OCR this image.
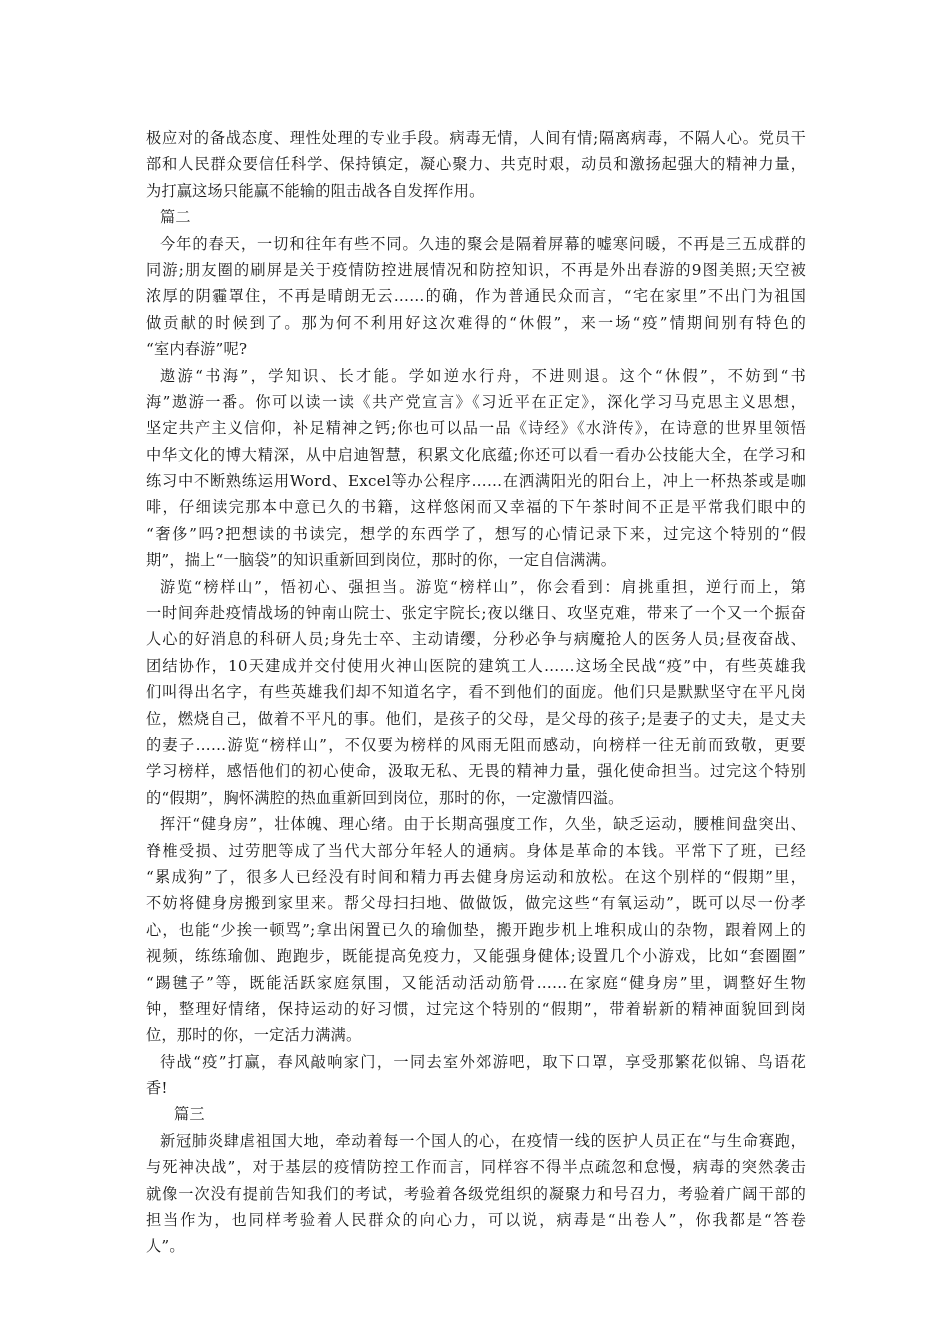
极应对的备战态度、理性处理的专业手段。病毒无情，人间有情;隔离病毒，不隔人心。党员干
部和人民群众要信任科学、保持镇定，凝心聚力、共克时艰，动员和激扬起强大的精神力量，
为打赢这场只能赢不能输的阻击战各自发挥作用。
篇二
今年的春天，一切和往年有些不同。久违的聚会是隔着屏幕的嘘寒问暖，不再是三五成群的
同游;朋友圈的刷屏是关于疫情防控进展情况和防控知识，不再是外出春游的9图美照;天空被
浓厚的阴霾罩住，不再是晴朗无云……的确，作为普通民众而言，“宅在家里”不出门为祖国
做贡献的时候到了。那为何不利用好这次难得的“休假”，来一场“疫”情期间别有特色的
“室内春游”呢?
遨游“书海”，学知识、长才能。学如逆水行舟，不进则退。这个“休假”，不妨到“书
海”遨游一番。你可以读一读《共产党宣言》《习近平在正定》，深化学习马克思主义思想，
坚定共产主义信仰，补足精神之钙;你也可以品一品《诗经》《水浒传》，在诗意的世界里领悟
中华文化的博大精深，从中启迪智慧，积累文化底蕴;你还可以看一看办公技能大全，在学习和
练习中不断熟练运用Word、Excel等办公程序……在洒满阳光的阳台上，冲上一杯热茶或是咖
啡，仔细读完那本中意已久的书籍，这样悠闲而又幸福的下午茶时间不正是平常我们眼中的
“奢侈”吗?把想读的书读完，想学的东西学了，想写的心情记录下来，过完这个特别的“假
期”，揣上“一脑袋”的知识重新回到岗位，那时的你，一定自信满满。
游览“榜样山”，悟初心、强担当。游览“榜样山”，你会看到：肩挑重担，逆行而上，第
一时间奔赴疫情战场的钟南山院士、张定宇院长;夜以继日、攻坚克难，带来了一个又一个振奋
人心的好消息的科研人员;身先士卒、主动请缨，分秒必争与病魔抢人的医务人员;昼夜奋战、
团结协作，10天建成并交付使用火神山医院的建筑工人……这场全民战“疫”中，有些英雄我
们叫得出名字，有些英雄我们却不知道名字，看不到他们的面庞。他们只是默默坚守在平凡岗
位，燃烧自己，做着不平凡的事。他们，是孩子的父母，是父母的孩子;是妻子的丈夫，是丈夫
的妻子……游览“榜样山”，不仅要为榜样的风雨无阻而感动，向榜样一往无前而致敬，更要
学习榜样，感悟他们的初心使命，汲取无私、无畏的精神力量，强化使命担当。过完这个特别
的“假期”，胸怀满腔的热血重新回到岗位，那时的你，一定激情四溢。
挥汗“健身房”，壮体魄、理心绪。由于长期高强度工作，久坐，缺乏运动，腰椎间盘突出、
脊椎受损、过劳肥等成了当代大部分年轻人的通病。身体是革命的本钱。平常下了班，已经
“累成狗”了，很多人已经没有时间和精力再去健身房运动和放松。在这个别样的“假期”里，
不妨将健身房搬到家里来。帮父母扫扫地、做做饭，做完这些“有氧运动”，既可以尽一份孝
心，也能“少挨一顿骂”;拿出闲置已久的瑜伽垫，搬开跑步机上堆积成山的杂物，跟着网上的
视频，练练瑜伽、跑跑步，既能提高免疫力，又能强身健体;设置几个小游戏，比如“套圈圈”
“踢毽子”等，既能活跃家庭氛围，又能活动活动筋骨……在家庭“健身房”里，调整好生物
钟，整理好情绪，保持运动的好习惯，过完这个特别的“假期”，带着崭新的精神面貌回到岗
位，那时的你，一定活力满满。
待战“疫”打赢，春风敲响家门，一同去室外郊游吧，取下口罩，享受那繁花似锦、鸟语花
香!
篇三
新冠肺炎肆虐祖国大地，牵动着每一个国人的心，在疫情一线的医护人员正在“与生命赛跑，
与死神决战”，对于基层的疫情防控工作而言，同样容不得半点疏忽和怠慢，病毒的突然袭击
就像一次没有提前告知我们的考试，考验着各级党组织的凝聚力和号召力，考验着广阔干部的
担当作为，也同样考验着人民群众的向心力，可以说，病毒是“出卷人”，你我都是“答卷
人”。
